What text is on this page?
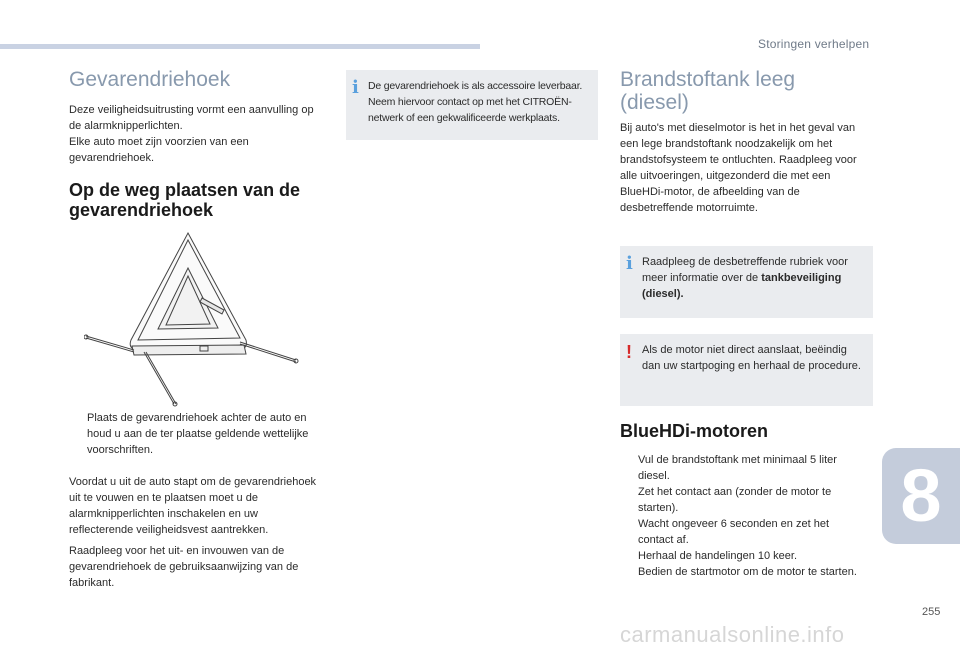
Storingen verhelpen
8
255
carmanualsonline.info
Gevarendriehoek

Deze veiligheidsuitrusting vormt een aanvulling op de alarmknipperlichten.

Elke auto moet zijn voorzien van een gevarendriehoek.

Op de weg plaatsen van de gevarendriehoek
Plaats de gevarendriehoek achter de auto en houd u aan de ter plaatse geldende wettelijke voorschriften.
Voordat u uit de auto stapt om de gevarendriehoek uit te vouwen en te plaatsen moet u de alarmknipperlichten inschakelen en uw reflecterende veiligheidsvest aantrekken.
Raadpleeg voor het uit- en invouwen van de gevarendriehoek de gebruiksaanwijzing van de fabrikant.
i De gevarendriehoek is als accessoire leverbaar. Neem hiervoor contact op met het CITROËN-netwerk of een gekwalificeerde werkplaats.
Brandstoftank leeg (diesel)
Bij auto's met dieselmotor is het in het geval van een lege brandstoftank noodzakelijk om het brandstofsysteem te ontluchten. Raadpleeg voor alle uitvoeringen, uitgezonderd die met een BlueHDi-motor, de afbeelding van de desbetreffende motorruimte.
i Raadpleeg de desbetreffende rubriek voor meer informatie over de tankbeveiliging (diesel).
! Als de motor niet direct aanslaat, beëindig dan uw startpoging en herhaal de procedure.
BlueHDi-motoren
Vul de brandstoftank met minimaal 5 liter diesel.
Zet het contact aan (zonder de motor te starten).
Wacht ongeveer 6 seconden en zet het contact af.
Herhaal de handelingen 10 keer.
Bedien de startmotor om de motor te starten.
